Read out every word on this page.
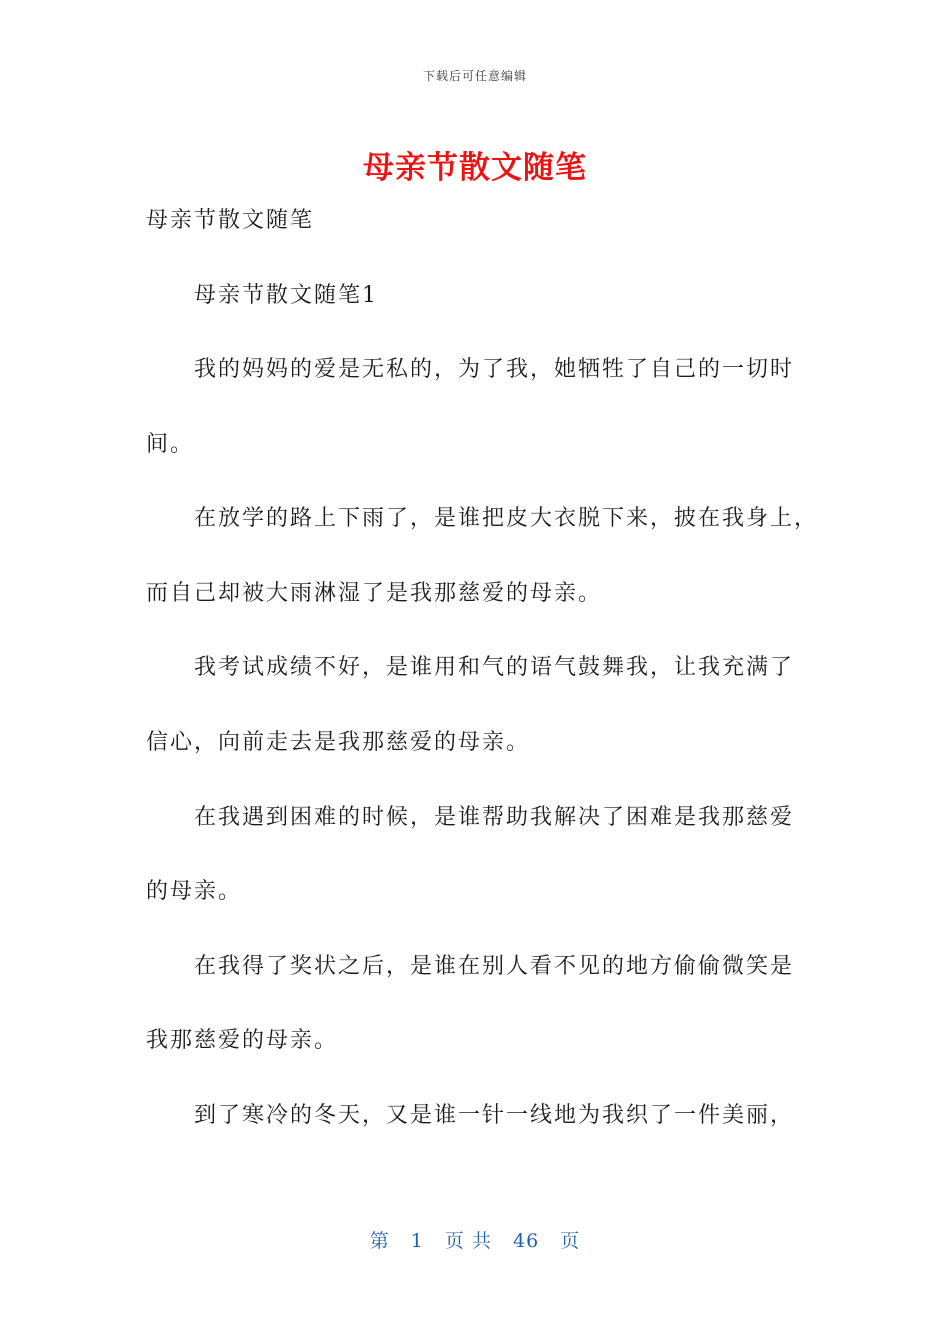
下载后可任意编辑
母亲节散文随笔
母亲节散文随笔
母亲节散文随笔1
我的妈妈的爱是无私的，为了我，她牺牲了自己的一切时
间。
在放学的路上下雨了，是谁把皮大衣脱下来，披在我身上，
而自己却被大雨淋湿了是我那慈爱的母亲。
我考试成绩不好，是谁用和气的语气鼓舞我，让我充满了
信心，向前走去是我那慈爱的母亲。
在我遇到困难的时候，是谁帮助我解决了困难是我那慈爱
的母亲。
在我得了奖状之后，是谁在别人看不见的地方偷偷微笑是
我那慈爱的母亲。
到了寒冷的冬天，又是谁一针一线地为我织了一件美丽，
第 1 页 共 46 页
